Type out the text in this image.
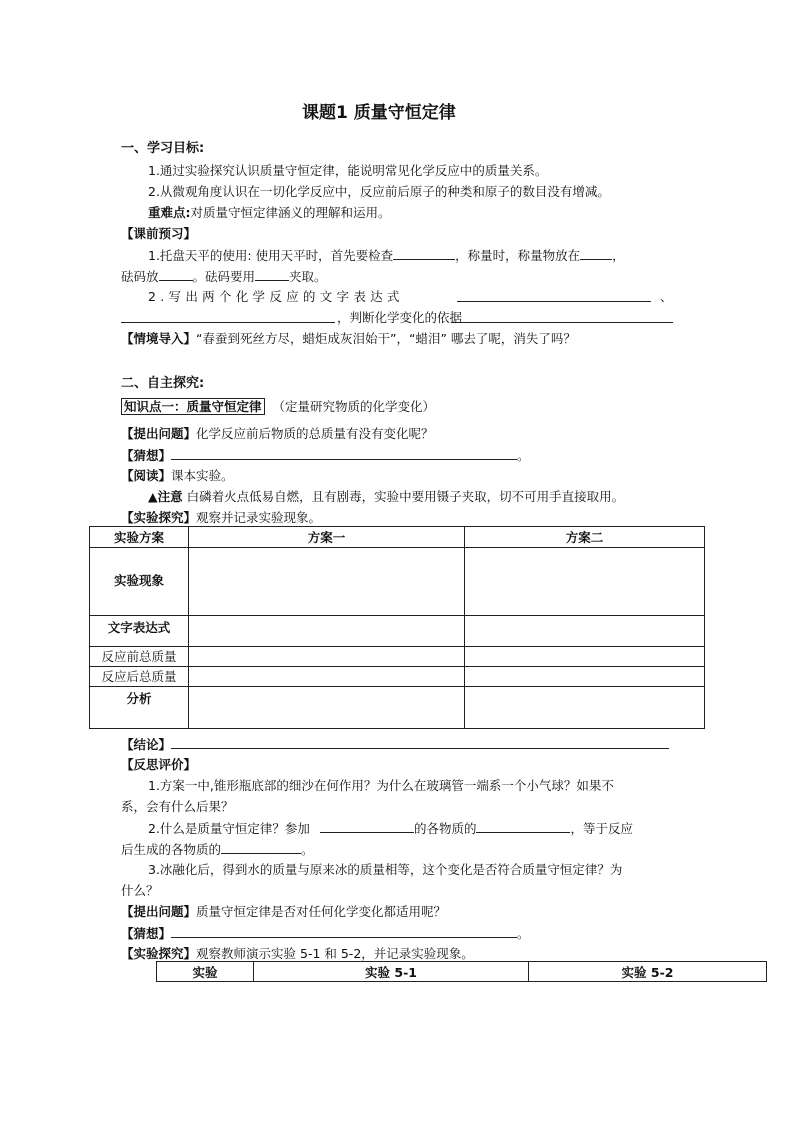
课题1 质量守恒定律
一、学习目标:
1.通过实验探究认识质量守恒定律，能说明常见化学反应中的质量关系。
2.从微观角度认识在一切化学反应中，反应前后原子的种类和原子的数目没有增减。
重难点:对质量守恒定律涵义的理解和运用。
【课前预习】
1.托盘天平的使用: 使用天平时，首先要检查	，称量时，称量物放在	，
砝码放	。砝码要用	夹取。
2.写出两个化学反应的文字表达式	、
，判断化学变化的依据
【情境导入】“春蚕到死丝方尽，蜡炬成灰泪始干”，“蜡泪” 哪去了呢，消失了吗？
二、自主探究:
知识点一：质量守恒定律 （定量研究物质的化学变化）
【提出问题】化学反应前后物质的总质量有没有变化呢？
【猜想】	。
【阅读】课本实验。
▲注意 白磷着火点低易自燃，且有剧毒，实验中要用镊子夹取，切不可用手直接取用。
【实验探究】观察并记录实验现象。
实验方案	方案一	方案二
实验现象		
文字表达式		
反应前总质量		
反应后总质量		
分析		
【结论】
【反思评价】
1.方案一中,锥形瓶底部的细沙在何作用？为什么在玻璃管一端系一个小气球？如果不
系，会有什么后果？
2.什么是质量守恒定律？参加	的各物质的	，等于反应
后生成的各物质的	。
3.冰融化后，得到水的质量与原来冰的质量相等，这个变化是否符合质量守恒定律？为
什么？
【提出问题】质量守恒定律是否对任何化学变化都适用呢？
【猜想】	。
【实验探究】观察教师演示实验 5-1 和 5-2，并记录实验现象。
实验	实验 5-1	实验 5-2
